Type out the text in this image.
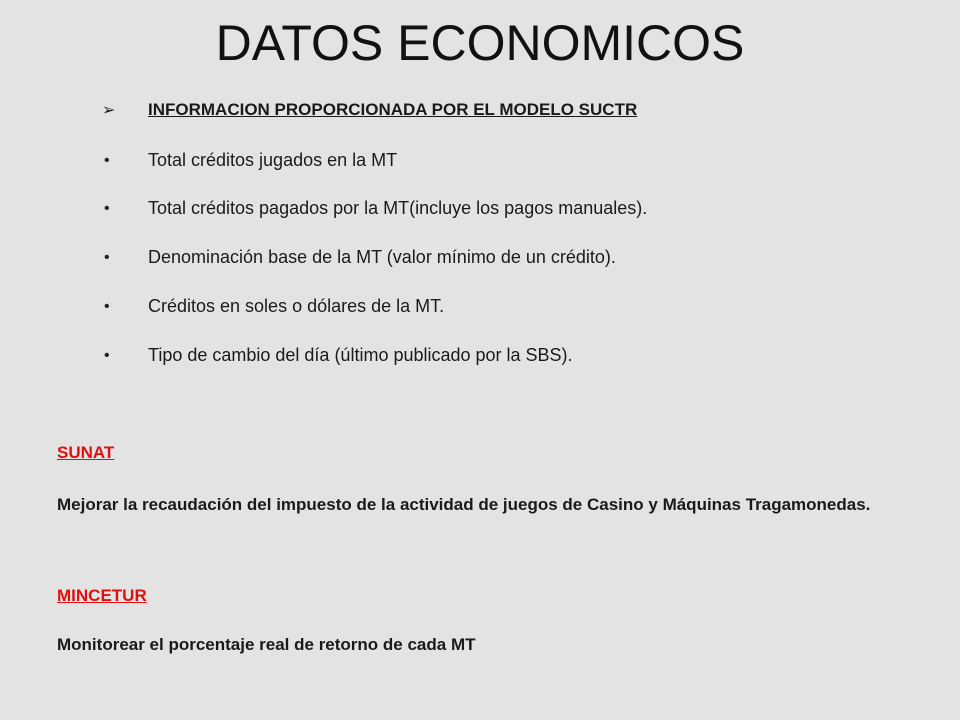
DATOS ECONOMICOS
➢	INFORMACION PROPORCIONADA POR EL MODELO SUCTR
•	Total créditos jugados en la MT
•	Total créditos pagados por la MT(incluye los pagos manuales).
•	Denominación base de la MT (valor mínimo de un crédito).
•	Créditos en soles o dólares de la MT.
•	Tipo de cambio del día (último publicado por la SBS).
SUNAT
Mejorar la recaudación del impuesto de la actividad de juegos de Casino y Máquinas Tragamonedas.
MINCETUR
Monitorear el porcentaje real de retorno de cada MT
